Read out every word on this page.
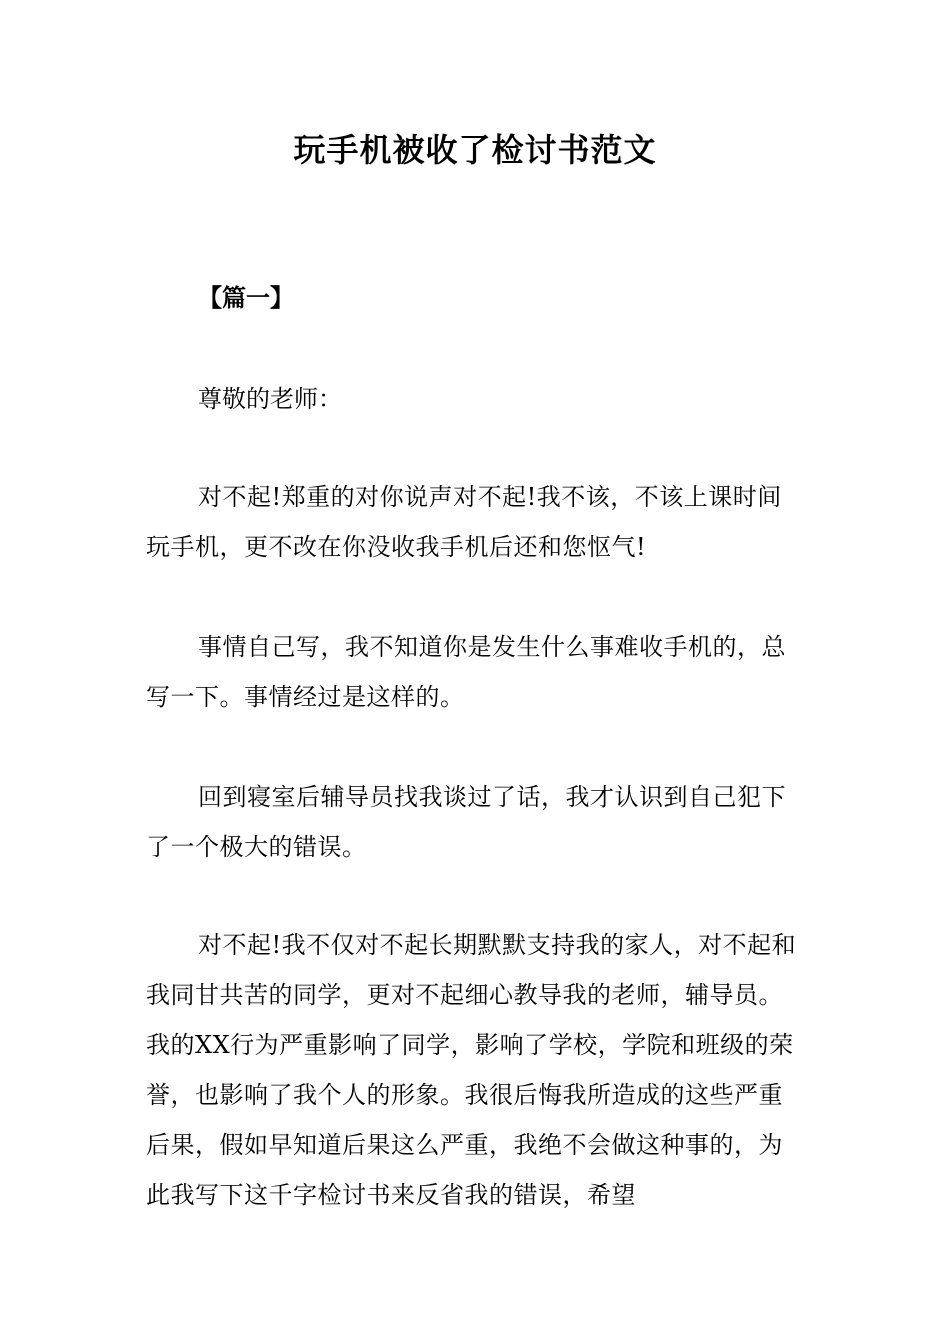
玩手机被收了检讨书范文

【篇一】

尊敬的老师：

对不起!郑重的对你说声对不起!我不该，不该上课时间玩手机，更不改在你没收我手机后还和您怄气!

事情自己写，我不知道你是发生什么事难收手机的，总写一下。事情经过是这样的。

回到寝室后辅导员找我谈过了话，我才认识到自己犯下了一个极大的错误。

对不起!我不仅对不起长期默默支持我的家人，对不起和我同甘共苦的同学，更对不起细心教导我的老师，辅导员。我的XX行为严重影响了同学，影响了学校，学院和班级的荣誉，也影响了我个人的形象。我很后悔我所造成的这些严重后果，假如早知道后果这么严重，我绝不会做这种事的，为此我写下这千字检讨书来反省我的错误，希望
